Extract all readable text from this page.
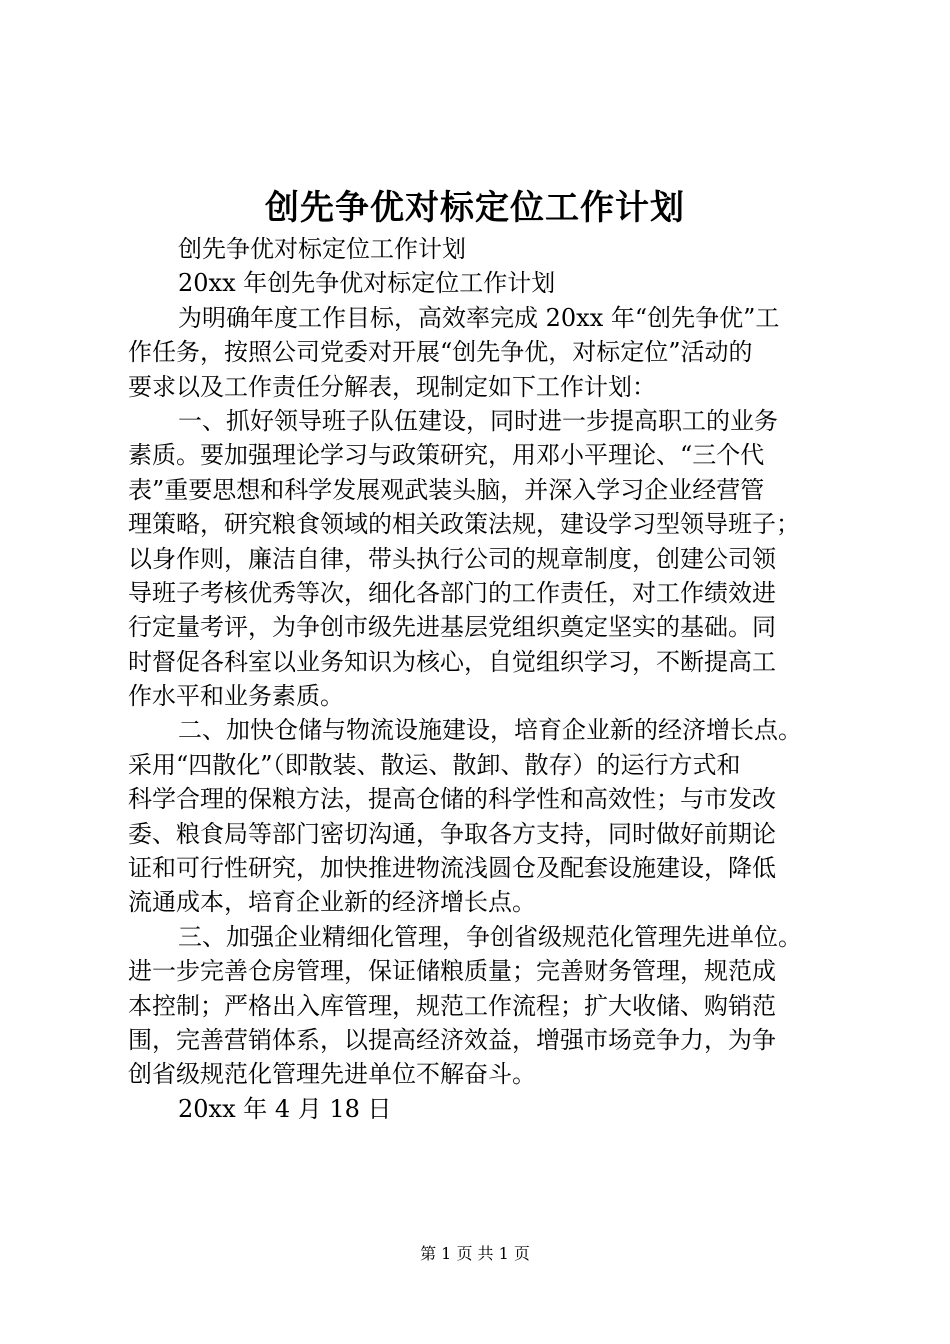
创先争优对标定位工作计划
创先争优对标定位工作计划
20xx 年创先争优对标定位工作计划
为明确年度工作目标，高效率完成 20xx 年“创先争优”工
作任务，按照公司党委对开展“创先争优，对标定位”活动的
要求以及工作责任分解表，现制定如下工作计划：
一、抓好领导班子队伍建设，同时进一步提高职工的业务
素质。要加强理论学习与政策研究，用邓小平理论、“三个代
表”重要思想和科学发展观武装头脑，并深入学习企业经营管
理策略，研究粮食领域的相关政策法规，建设学习型领导班子；
以身作则，廉洁自律，带头执行公司的规章制度，创建公司领
导班子考核优秀等次，细化各部门的工作责任，对工作绩效进
行定量考评，为争创市级先进基层党组织奠定坚实的基础。同
时督促各科室以业务知识为核心，自觉组织学习，不断提高工
作水平和业务素质。
二、加快仓储与物流设施建设，培育企业新的经济增长点。
采用“四散化”（即散装、散运、散卸、散存）的运行方式和
科学合理的保粮方法，提高仓储的科学性和高效性；与市发改
委、粮食局等部门密切沟通，争取各方支持，同时做好前期论
证和可行性研究，加快推进物流浅圆仓及配套设施建设，降低
流通成本，培育企业新的经济增长点。
三、加强企业精细化管理，争创省级规范化管理先进单位。
进一步完善仓房管理，保证储粮质量；完善财务管理，规范成
本控制；严格出入库管理，规范工作流程；扩大收储、购销范
围，完善营销体系，以提高经济效益，增强市场竞争力，为争
创省级规范化管理先进单位不解奋斗。
20xx 年 4 月 18 日
第 1 页 共 1 页
